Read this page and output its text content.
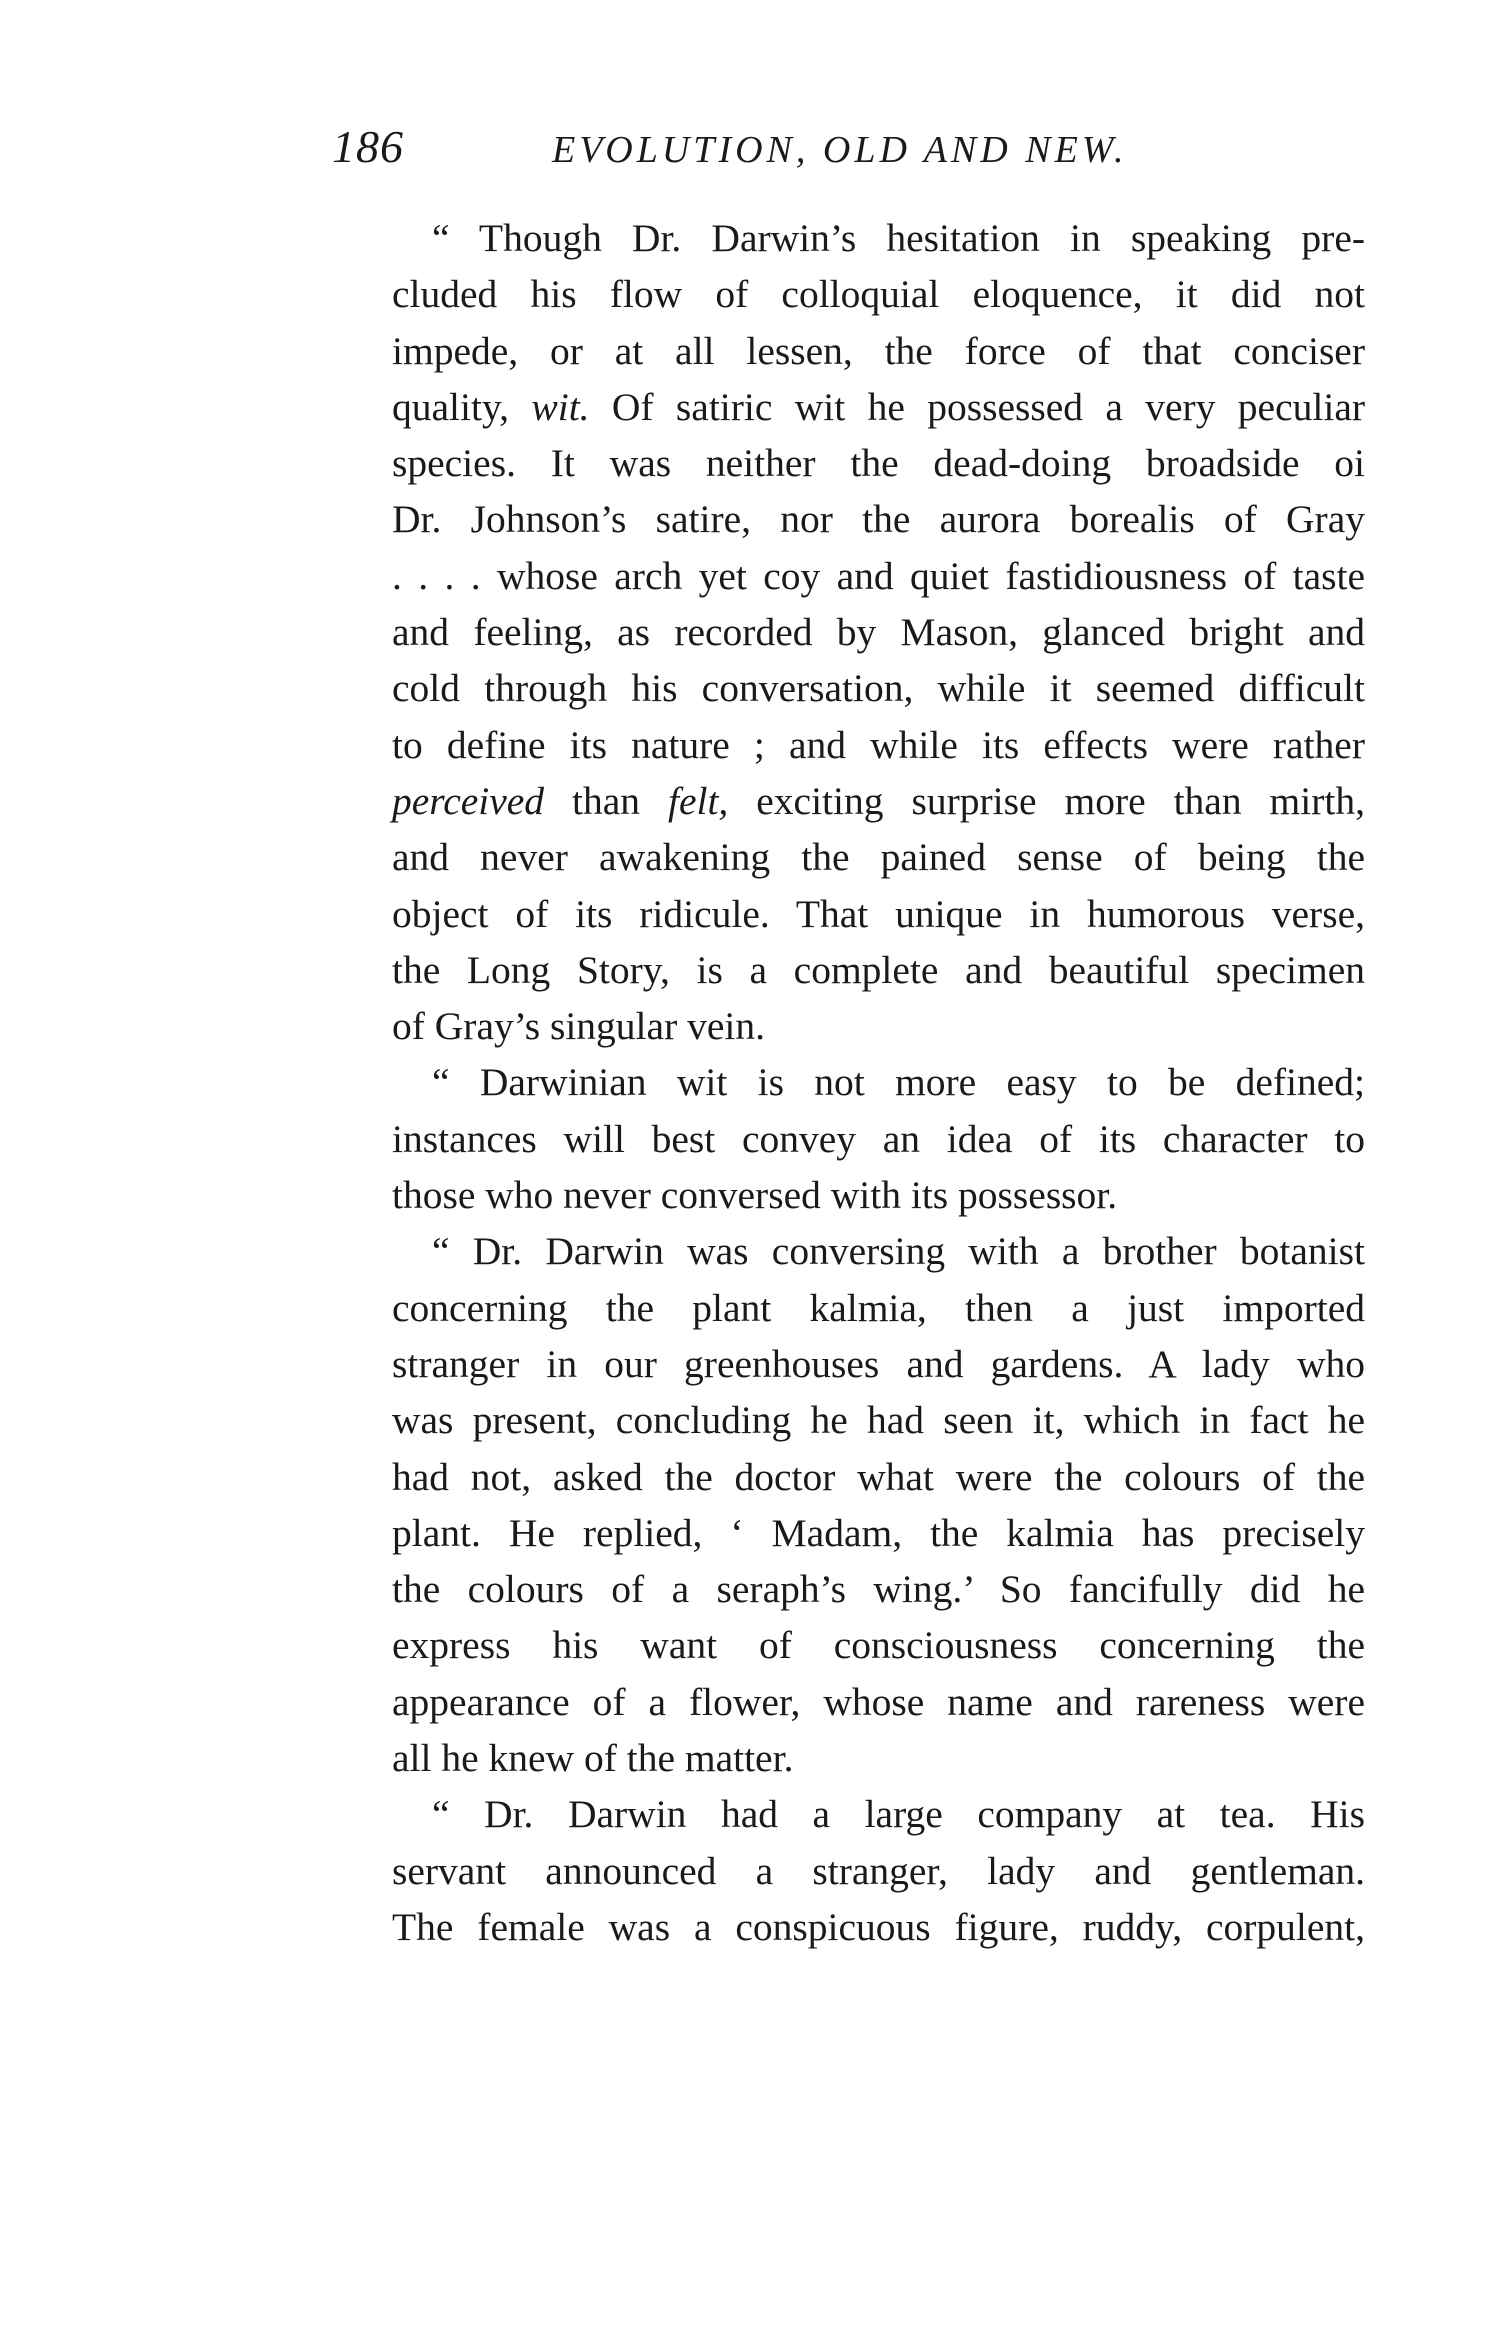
186	EVOLUTION, OLD AND NEW.
“ Though Dr. Darwin’s hesitation in speaking pre-
cluded his flow of colloquial eloquence, it did not
impede, or at all lessen, the force of that conciser
quality, wit. Of satiric wit he possessed a very peculiar
species. It was neither the dead-doing broadside oi
Dr. Johnson’s satire, nor the aurora borealis of Gray
. . . . whose arch yet coy and quiet fastidiousness of taste
and feeling, as recorded by Mason, glanced bright and
cold through his conversation, while it seemed difficult
to define its nature ; and while its effects were rather
perceived than felt, exciting surprise more than mirth,
and never awakening the pained sense of being the
object of its ridicule. That unique in humorous verse,
the Long Story, is a complete and beautiful specimen
of Gray’s singular vein.
“ Darwinian wit is not more easy to be defined;
instances will best convey an idea of its character to
those who never conversed with its possessor.
“ Dr. Darwin was conversing with a brother botanist
concerning the plant kalmia, then a just imported
stranger in our greenhouses and gardens. A lady who
was present, concluding he had seen it, which in fact he
had not, asked the doctor what were the colours of the
plant. He replied, ‘ Madam, the kalmia has precisely
the colours of a seraph’s wing.’ So fancifully did he
express his want of consciousness concerning the
appearance of a flower, whose name and rareness were
all he knew of the matter.
“ Dr. Darwin had a large company at tea. His
servant announced a stranger, lady and gentleman.
The female was a conspicuous figure, ruddy, corpulent,
